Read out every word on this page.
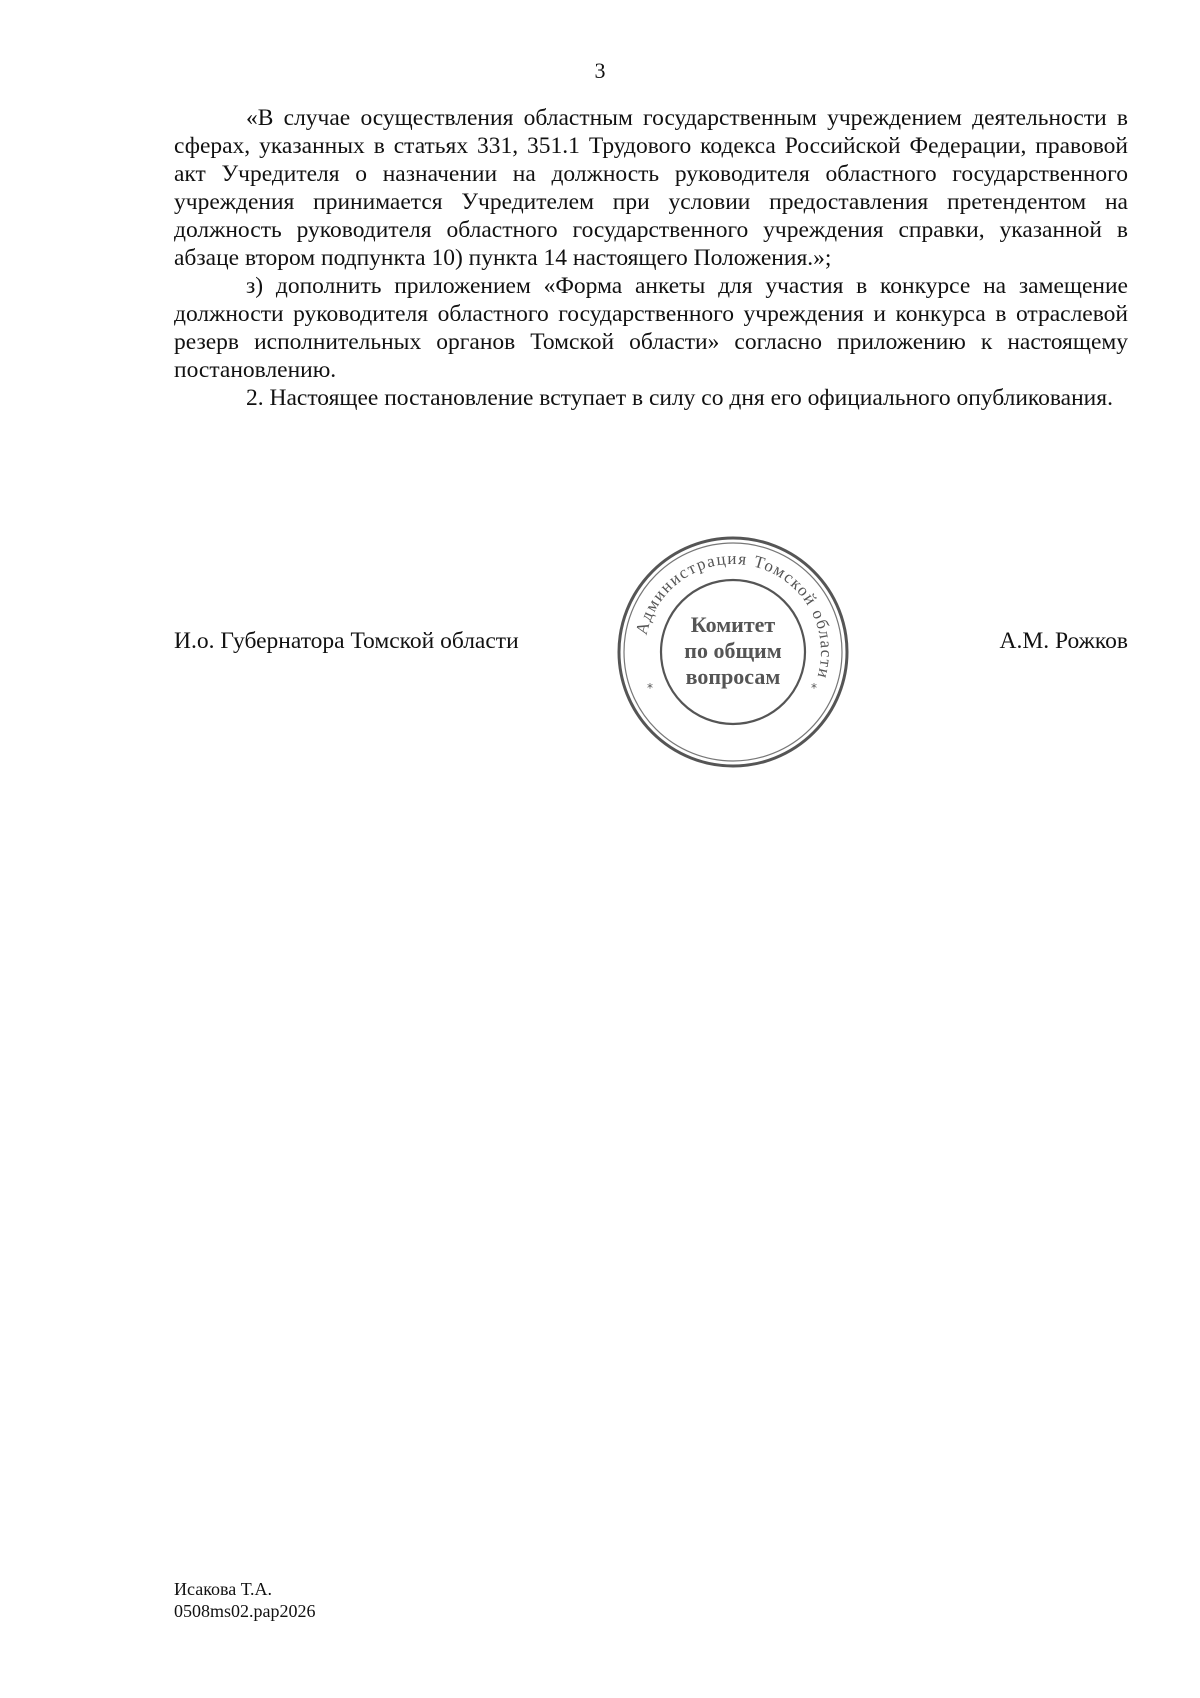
3

«В случае осуществления областным государственным учреждением деятельности в сферах, указанных в статьях 331, 351.1 Трудового кодекса Российской Федерации, правовой акт Учредителя о назначении на должность руководителя областного государственного учреждения принимается Учредителем при условии предоставления претендентом на должность руководителя областного государственного учреждения справки, указанной в абзаце втором подпункта 10) пункта 14 настоящего Положения.»;

з) дополнить приложением «Форма анкеты для участия в конкурсе на замещение должности руководителя областного государственного учреждения и конкурса в отраслевой резерв исполнительных органов Томской области» согласно приложению к настоящему постановлению.

2. Настоящее постановление вступает в силу со дня его официального опубликования.

И.о. Губернатора Томской области	А.М. Рожков
Администрация Томской области
*	*
Комитет
по общим
вопросам
Исакова Т.А.
0508ms02.pap2026
